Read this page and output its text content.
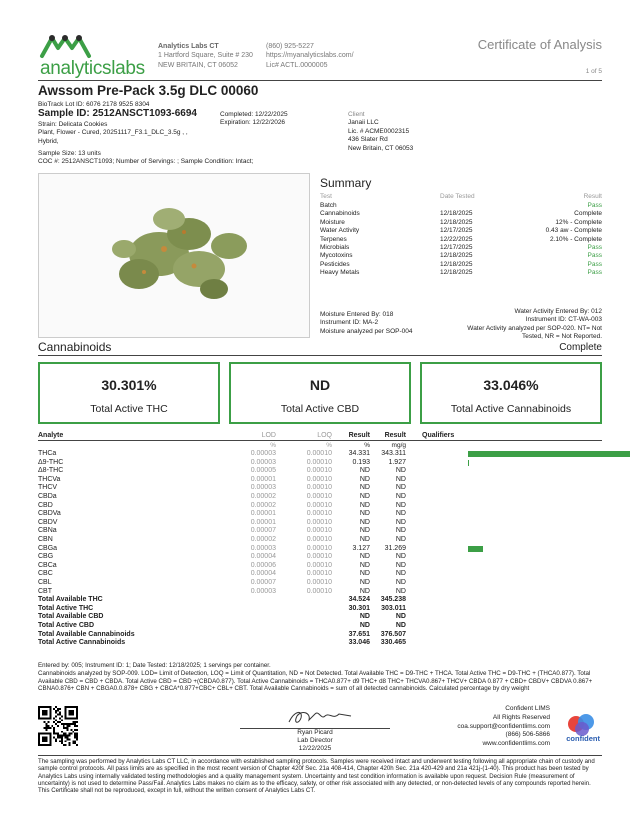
analyticslabs
Analytics Labs CT
1 Hartford Square, Suite # 230
NEW BRITAIN, CT 06052
(860) 925-5227
https://myanalyticslabs.com/
Lic# ACTL.0000005
Certificate of Analysis
1 of 5
Awssom Pre-Pack 3.5g DLC 00060
BioTrack Lot ID: 6076 2178 9525 8304
Sample ID: 2512ANSCT1093-6694	Completed: 12/22/2025
Expiration: 12/22/2026
Strain: Delicata Cookies
Plant, Flower - Cured, 20251117_F3.1_DLC_3.5g , ,
Hybrid,
Sample Size: 13 units
COC #: 2512ANSCT1093; Number of Servings: ; Sample Condition: Intact;
Client
Janaii LLC
Lic. # ACME0002315
436 Slater Rd
New Britain, CT 06053
Summary
Test	Date Tested	Result
Batch	Pass
Cannabinoids	12/18/2025	Complete
Moisture	12/18/2025	12% - Complete
Water Activity	12/17/2025	0.43 aw - Complete
Terpenes	12/22/2025	2.10% - Complete
Microbials	12/17/2025	Pass
Mycotoxins	12/18/2025	Pass
Pesticides	12/18/2025	Pass
Heavy Metals	12/18/2025	Pass
Moisture Entered By: 018
Instrument ID: MA-2
Moisture analyzed per SOP-004
Water Activity Entered By: 012
Instrument ID: CT-WA-003
Water Activity analyzed per SOP-020. NT= Not
Tested, NR = Not Reported.
Cannabinoids	Complete
30.301%
Total Active THC
ND
Total Active CBD
33.046%
Total Active Cannabinoids
Analyte	LOD	LOQ Result Result Qualifiers
%	%	%	mg/g
THCa	0.00003	0.00010 34.331 343.311
Δ9-THC	0.00003	0.00010	0.193	1.927
Δ8-THC	0.00005	0.00010	ND	ND
THCVa	0.00001	0.00010	ND	ND
THCV	0.00003	0.00010	ND	ND
CBDa	0.00002	0.00010	ND	ND
CBD	0.00002	0.00010	ND	ND
CBDVa	0.00001	0.00010	ND	ND
CBDV	0.00001	0.00010	ND	ND
CBNa	0.00007	0.00010	ND	ND
CBN	0.00002	0.00010	ND	ND
CBGa	0.00003	0.00010	3.127 31.269
CBG	0.00004	0.00010	ND	ND
CBCa	0.00006	0.00010	ND	ND
CBC	0.00004	0.00010	ND	ND
CBL	0.00007	0.00010	ND	ND
CBT	0.00003	0.00010	ND	ND
Total Available THC	34.524 345.238
Total Active THC	30.301 303.011
Total Available CBD	ND	ND
Total Active CBD	ND	ND
Total Available Cannabinoids	37.651 376.507
Total Active Cannabinoids	33.046 330.465
Entered by: 005; Instrument ID: 1; Date Tested: 12/18/2025; 1 servings per container.
Cannabinoids analyzed by SOP-009. LOD= Limit of Detection, LOQ = Limit of Quantitation, ND = Not Detected. Total Available THC = D9-THC + THCA. Total Active THC = D9-THC + (THCA0.877). Total Available CBD = CBD + CBDA. Total Active CBD = CBD +(CBDA0.877). Total Active Cannabinoids = THCA0.877+ d9 THC+ d8 THC+ THCVA0.867+ THCV+ CBDA 0.877 + CBD+ CBDV+ CBDVA 0.867+ CBNA0.876+ CBN + CBGA0.0.878+ CBG + CBCA*0.877+CBC+ CBL+ CBT. Total Available Cannabinoids = sum of all detected cannabinoids. Calculated percentage by dry weight
Ryan Picard
Lab Director
12/22/2025
Confident LIMS
All Rights Reserved
coa.support@confidentlims.com
(866) 506-5866
www.confidentlims.com
confident
The sampling was performed by Analytics Labs CT LLC, in accordance with established sampling protocols. Samples were received intact and underwent testing following all appropriate chain of custody and sample control protocols. All pass limits are as specified in the most recent version of Chapter 420f Sec. 21a 408-414, Chapter 420h Sec. 21a 420-429 and 21a 421j-(1-40). This product has been tested by Analytics Labs using internally validated testing methodologies and a quality management system. Uncertainty and test condition information is available upon request. Decision Rule (measurement of uncertainty) is not used to determine Pass/Fail. Analytics Labs makes no claim as to the efficacy, safety, or other risk associated with any detected, or non-detected levels of any compounds reported herein. This Certificate shall not be reproduced, except in full, without the written consent of Analytics Labs CT.
